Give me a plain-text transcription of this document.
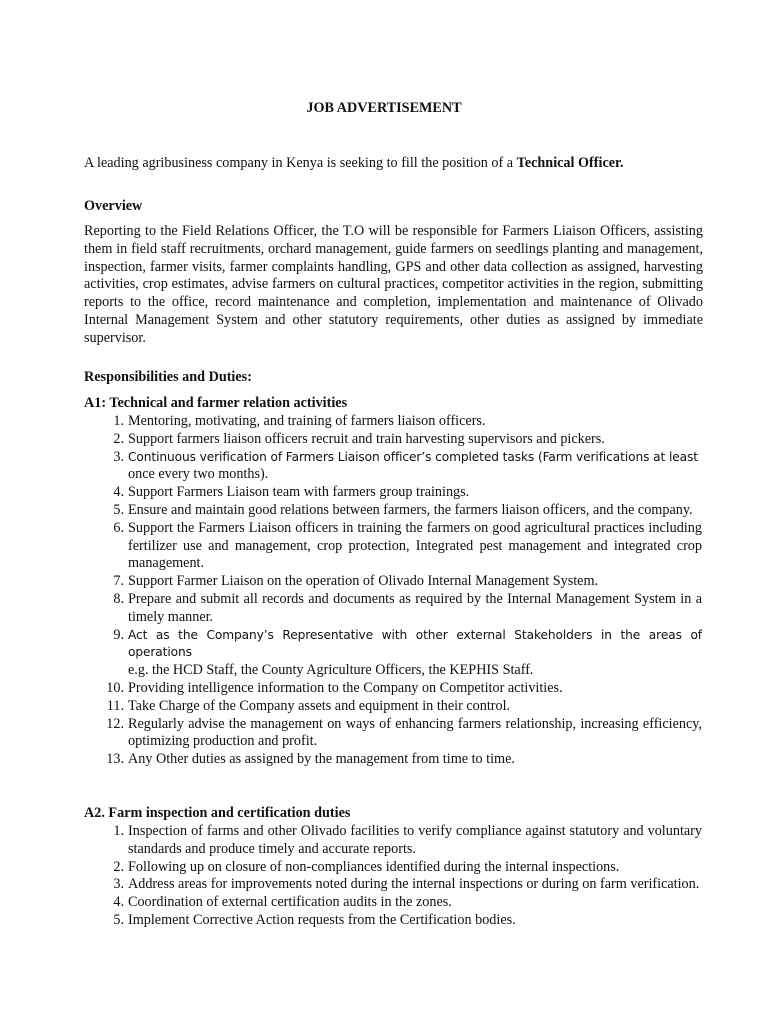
JOB ADVERTISEMENT
A leading agribusiness company in Kenya is seeking to fill the position of a Technical Officer.
Overview
Reporting to the Field Relations Officer, the T.O will be responsible for Farmers Liaison Officers, assisting them in field staff recruitments, orchard management, guide farmers on seedlings planting and management, inspection, farmer visits, farmer complaints handling, GPS and other data collection as assigned, harvesting activities, crop estimates, advise farmers on cultural practices, competitor activities in the region, submitting reports to the office, record maintenance and completion, implementation and maintenance of Olivado Internal Management System and other statutory requirements, other duties as assigned by immediate supervisor.
Responsibilities and Duties:
A1: Technical and farmer relation activities
1. Mentoring, motivating, and training of farmers liaison officers.
2. Support farmers liaison officers recruit and train harvesting supervisors and pickers.
3. Continuous verification of Farmers Liaison officer’s completed tasks (Farm verifications at least
once every two months).
4. Support Farmers Liaison team with farmers group trainings.
5. Ensure and maintain good relations between farmers, the farmers liaison officers, and the company.
6. Support the Farmers Liaison officers in training the farmers on good agricultural practices including fertilizer use and management, crop protection, Integrated pest management and integrated crop management.
7. Support Farmer Liaison on the operation of Olivado Internal Management System.
8. Prepare and submit all records and documents as required by the Internal Management System in a timely manner.
9. Act as the Company’s Representative with other external Stakeholders in the areas of operations
e.g. the HCD Staff, the County Agriculture Officers, the KEPHIS Staff.
10. Providing intelligence information to the Company on Competitor activities.
11. Take Charge of the Company assets and equipment in their control.
12. Regularly advise the management on ways of enhancing farmers relationship, increasing efficiency, optimizing production and profit.
13. Any Other duties as assigned by the management from time to time.
A2. Farm inspection and certification duties
1. Inspection of farms and other Olivado facilities to verify compliance against statutory and voluntary standards and produce timely and accurate reports.
2. Following up on closure of non-compliances identified during the internal inspections.
3. Address areas for improvements noted during the internal inspections or during on farm verification.
4. Coordination of external certification audits in the zones.
5. Implement Corrective Action requests from the Certification bodies.
